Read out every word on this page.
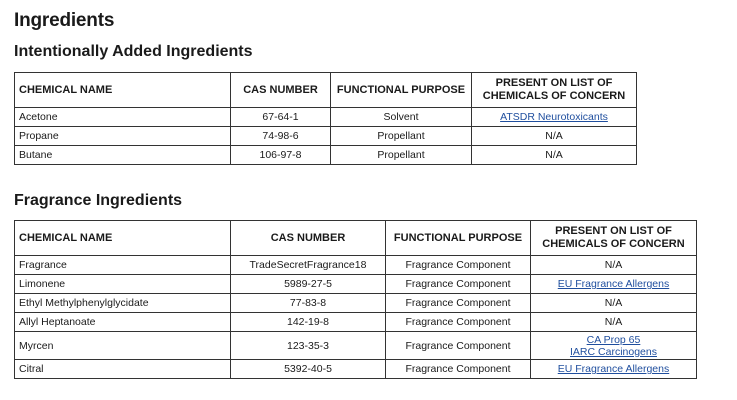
Ingredients
Intentionally Added Ingredients
CHEMICAL NAME	CAS NUMBER	FUNCTIONAL PURPOSE	PRESENT ON LIST OF CHEMICALS OF CONCERN
Acetone	67-64-1	Solvent	ATSDR Neurotoxicants
Propane	74-98-6	Propellant	N/A
Butane	106-97-8	Propellant	N/A
Fragrance Ingredients
CHEMICAL NAME	CAS NUMBER	FUNCTIONAL PURPOSE	PRESENT ON LIST OF CHEMICALS OF CONCERN
Fragrance	TradeSecretFragrance18	Fragrance Component	N/A
Limonene	5989-27-5	Fragrance Component	EU Fragrance Allergens
Ethyl Methylphenylglycidate	77-83-8	Fragrance Component	N/A
Allyl Heptanoate	142-19-8	Fragrance Component	N/A
Myrcen	123-35-3	Fragrance Component	CA Prop 65
IARC Carcinogens
Citral	5392-40-5	Fragrance Component	EU Fragrance Allergens
